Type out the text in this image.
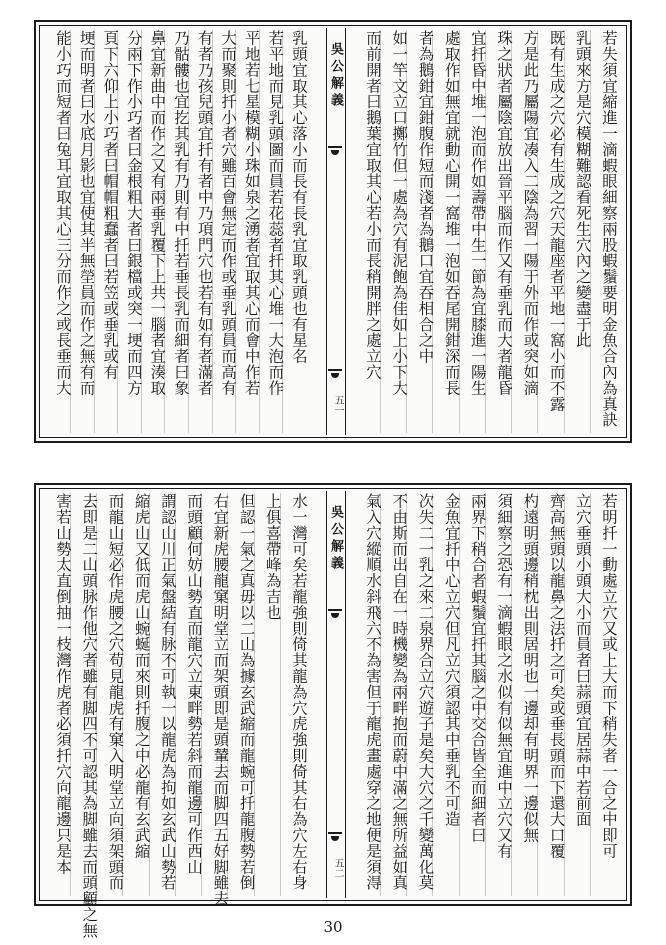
若失須宜縮進一滴蝦眼細察兩股蝦鬚要明金魚合內為真訣
乳頭來方是穴模糊難認看死生穴內之變盡于此
既有生成之穴必有生成之穴天龍座者平地一窩小而不露
方是此乃屬陽宜凑入二陰為習一陽于外而作或突如滴
珠之狀者屬陰宜放出晉平腦而作又有垂乳而大者龍昏
宜扦昏中堆一泡而作如壽帶中生一節為宜膝進一陽生
處取作如無宜就動心開一窩堆一泡如吞尾開鉗深而長
者為鵝鉗宜鉗腹作短而淺者為鵝口宜吞相合之中
如一竿文立口擲竹但一處為穴有泥飽為佳如上小下大
而前開者曰鵝葉宜取其心若小而長稍開胖之處立穴
吳公解義
五一
乳頭宜取其心落小而長有長乳宜取乳頭也有星名
若平地而見乳頭圖而員若花蕊者扦其心堆一大泡而作
平地若七星模糊小珠如泉之湧者宜取其心而會中作若
大而聚則扦小者穴雖百會無定而作或垂乳頭員而高有
有者乃孩兒頭宜扦有者中乃項門穴也若有如有者滿者
乃骷髏也宜扢其乳有乃則有中扦若垂長乳而細者曰象
鼻宜新曲中而作之又有兩垂乳覆下上共一腦者宜湊取
分兩下作小巧者曰金根粗大者曰銀檔或突一埂而四方
頁下六仰上小巧者曰帽帽粗蠢者曰若笠或垂乳或有
埂而明者曰水底月影也宜使其半無塋員而作之無有而
能小巧而短者曰兔耳宜取其心三分而作之或長垂而大
若明扦一動處立穴又或上大而下稍失者一合之中即可
立穴垂頭小頭大小而員者曰蒜頭宜居蒜中若前面
齊高無頭以龍鼻之法扦之可矣或垂長頭而下還大口覆
杓遠明頭邊稍枕出則居明也一邊却有明界一邊似無
須細察之恐有一滴蝦眼之水似有似無宜進中立穴又有
兩界下稍合者蝦鬚宜扦其腦之中交合皆全而細者曰
金魚宜扦中心立穴但凡立穴須認其中垂乳不可造
次失二一乳之來二泉界合立穴遊子是矣大穴之千變萬化莫
不由斯而出自在一時機變為兩畔抱而蔚中滿之無所益如真
氣入穴縱順水斜飛六不為害但于龍虎畫處穿之地便是須淂
吳公解義
五二
水一灣可矣若龍強則倚其龍為穴虎強則倚其右為穴左右身
上俱喜帶峰為吉也
但認一氣之真毋以二山為據玄武縮而龍蜿可扦龍腹勢若倒
右宜新虎腰龍窠明堂立而架頭即是頭輦去而脚四五好脚雖去
而頭顧何妨山勢直而龍穴立東畔勢若斜而龍邊可作西山
謂認山川正氣盤結有脉不可執一以龍虎為拘如玄武山勢若
縮虎山又低而虎山蜿蜒而來則扦腹之中必龍有玄武縮
而龍山短必作虎腰之穴苟見龍虎有窠入明堂立向須架頭而
去即是二山頭脉作他穴者雖有脚四不可認其為脚雖去而頭顧之無
害若山勢太直倒抽一枝灣作虎者必須扦穴向龍邊只是本
30
